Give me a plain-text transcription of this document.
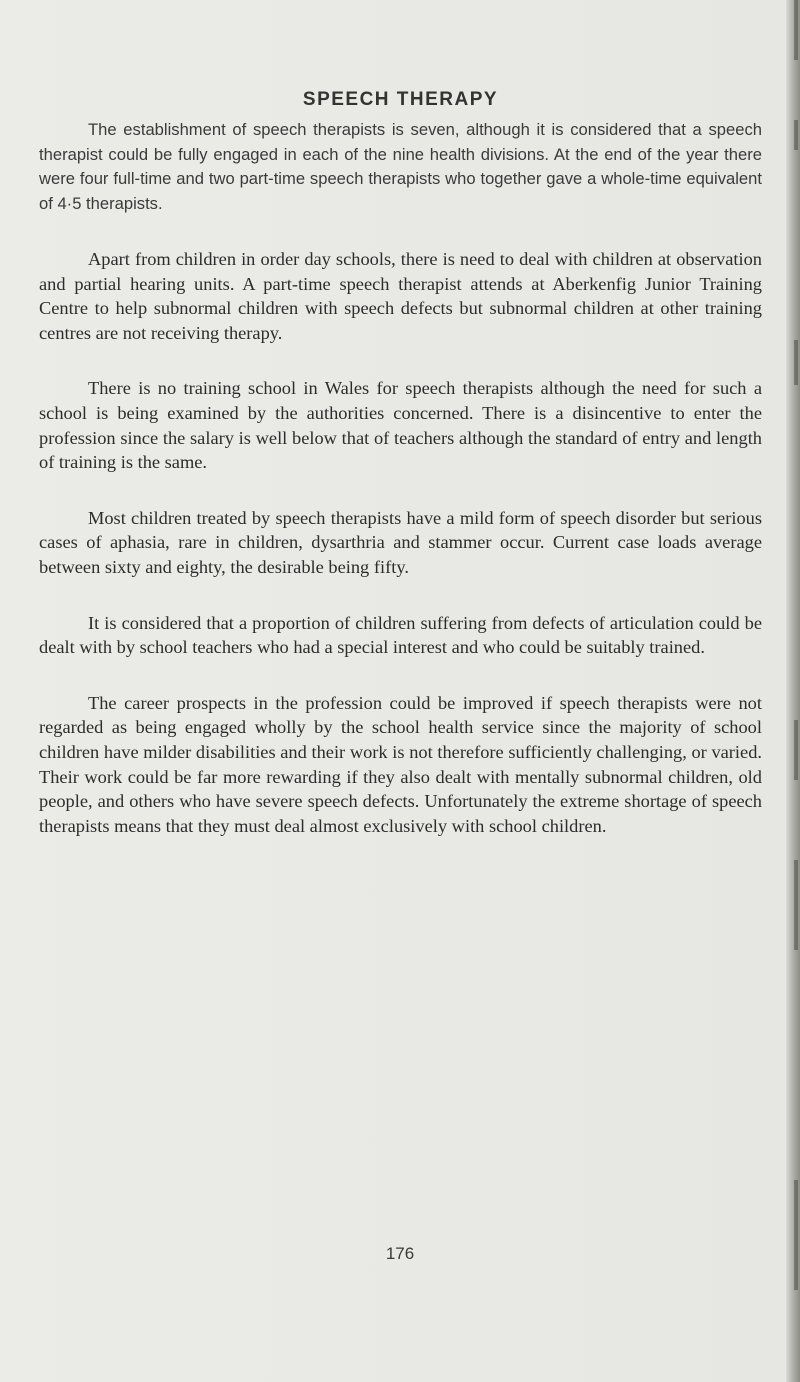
SPEECH THERAPY

The establishment of speech therapists is seven, although it is considered that a speech therapist could be fully engaged in each of the nine health divisions. At the end of the year there were four full-time and two part-time speech therapists who together gave a whole-time equivalent of 4·5 therapists.

Apart from children in order day schools, there is need to deal with children at observation and partial hearing units. A part-time speech therapist attends at Aberkenfig Junior Training Centre to help subnormal children with speech defects but subnormal children at other training centres are not receiving therapy.

There is no training school in Wales for speech therapists although the need for such a school is being examined by the authorities concerned. There is a disincentive to enter the profession since the salary is well below that of teachers although the standard of entry and length of training is the same.

Most children treated by speech therapists have a mild form of speech disorder but serious cases of aphasia, rare in children, dysarthria and stammer occur. Current case loads average between sixty and eighty, the desirable being fifty.

It is considered that a proportion of children suffering from defects of articulation could be dealt with by school teachers who had a special interest and who could be suitably trained.

The career prospects in the profession could be improved if speech therapists were not regarded as being engaged wholly by the school health service since the majority of school children have milder disabilities and their work is not therefore sufficiently challenging, or varied. Their work could be far more rewarding if they also dealt with mentally subnormal children, old people, and others who have severe speech defects. Unfortunately the extreme shortage of speech therapists means that they must deal almost exclusively with school children.

176
